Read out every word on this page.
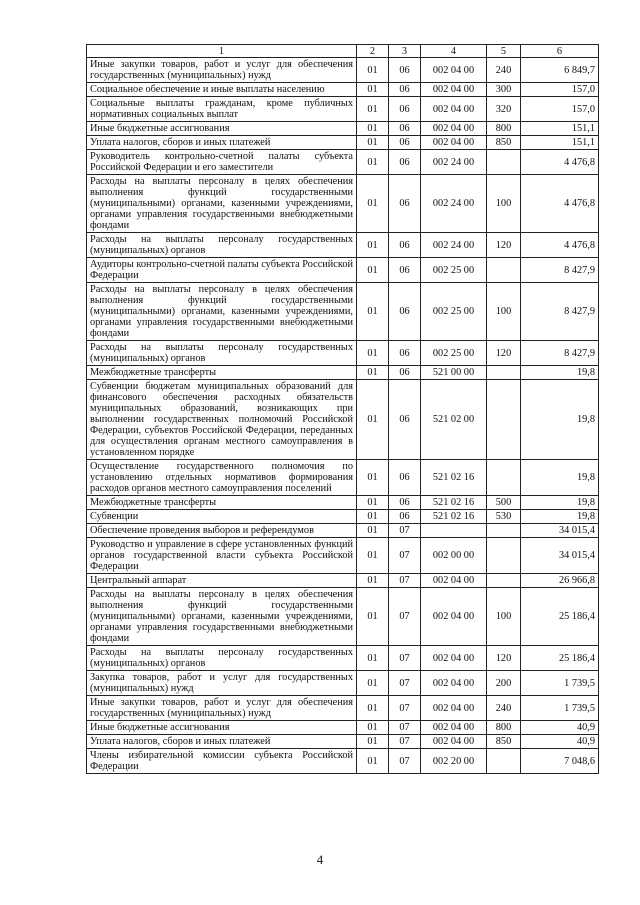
1	2	3	4	5	6
Иные закупки товаров, работ и услуг для обеспечения государственных (муниципальных) нужд	01	06	002 04 00	240	6 849,7
Социальное обеспечение и иные выплаты населению	01	06	002 04 00	300	157,0
Социальные выплаты гражданам, кроме публичных нормативных социальных выплат	01	06	002 04 00	320	157,0
Иные бюджетные ассигнования	01	06	002 04 00	800	151,1
Уплата налогов, сборов и иных платежей	01	06	002 04 00	850	151,1
Руководитель контрольно-счетной палаты субъекта Российской Федерации и его заместители	01	06	002 24 00		4 476,8
Расходы на выплаты персоналу в целях обеспечения выполнения функций государственными (муниципальными) органами, казенными учреждениями, органами управления государственными внебюджетными фондами	01	06	002 24 00	100	4 476,8
Расходы на выплаты персоналу государственных (муниципальных) органов	01	06	002 24 00	120	4 476,8
Аудиторы контрольно-счетной палаты субъекта Российской Федерации	01	06	002 25 00		8 427,9
Расходы на выплаты персоналу в целях обеспечения выполнения функций государственными (муниципальными) органами, казенными учреждениями, органами управления государственными внебюджетными фондами	01	06	002 25 00	100	8 427,9
Расходы на выплаты персоналу государственных (муниципальных) органов	01	06	002 25 00	120	8 427,9
Межбюджетные трансферты	01	06	521 00 00		19,8
Субвенции бюджетам муниципальных образований для финансового обеспечения расходных обязательств муниципальных образований, возникающих при выполнении государственных полномочий Российской Федерации, субъектов Российской Федерации, переданных для осуществления органам местного самоуправления в установленном порядке	01	06	521 02 00		19,8
Осуществление государственного полномочия по установлению отдельных нормативов формирования расходов органов местного самоуправления поселений	01	06	521 02 16		19,8
Межбюджетные трансферты	01	06	521 02 16	500	19,8
Субвенции	01	06	521 02 16	530	19,8
Обеспечение проведения выборов и референдумов	01	07			34 015,4
Руководство и управление в сфере установленных функций органов государственной власти субъекта Российской Федерации	01	07	002 00 00		34 015,4
Центральный аппарат	01	07	002 04 00		26 966,8
Расходы на выплаты персоналу в целях обеспечения выполнения функций государственными (муниципальными) органами, казенными учреждениями, органами управления государственными внебюджетными фондами	01	07	002 04 00	100	25 186,4
Расходы на выплаты персоналу государственных (муниципальных) органов	01	07	002 04 00	120	25 186,4
Закупка товаров, работ и услуг для государственных (муниципальных) нужд	01	07	002 04 00	200	1 739,5
Иные закупки товаров, работ и услуг для обеспечения государственных (муниципальных) нужд	01	07	002 04 00	240	1 739,5
Иные бюджетные ассигнования	01	07	002 04 00	800	40,9
Уплата налогов, сборов и иных платежей	01	07	002 04 00	850	40,9
Члены избирательной комиссии субъекта Российской Федерации	01	07	002 20 00		7 048,6
4
